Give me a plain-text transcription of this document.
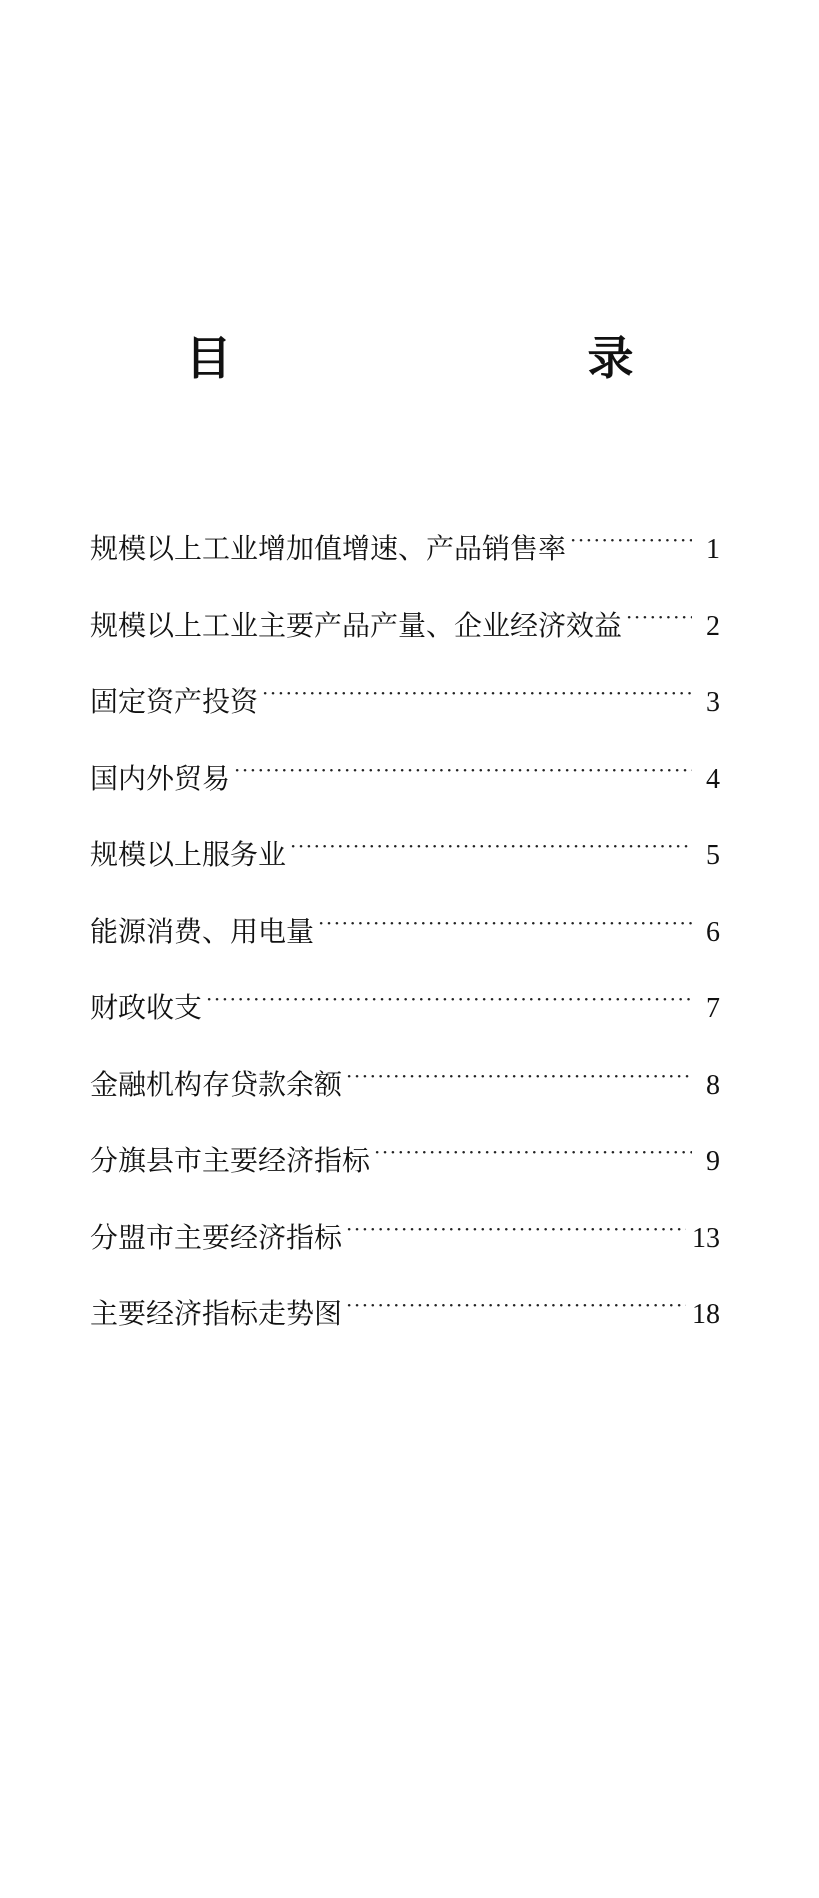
目　　录
规模以上工业增加值增速、产品销售率 ·····	1
规模以上工业主要产品产量、企业经济效益 ·····	2
固定资产投资 ·····	3
国内外贸易 ·····	4
规模以上服务业 ·····	5
能源消费、用电量 ·····	6
财政收支 ·····	7
金融机构存贷款余额 ·····	8
分旗县市主要经济指标 ·····	9
分盟市主要经济指标 ·····	13
主要经济指标走势图 ·····	18
